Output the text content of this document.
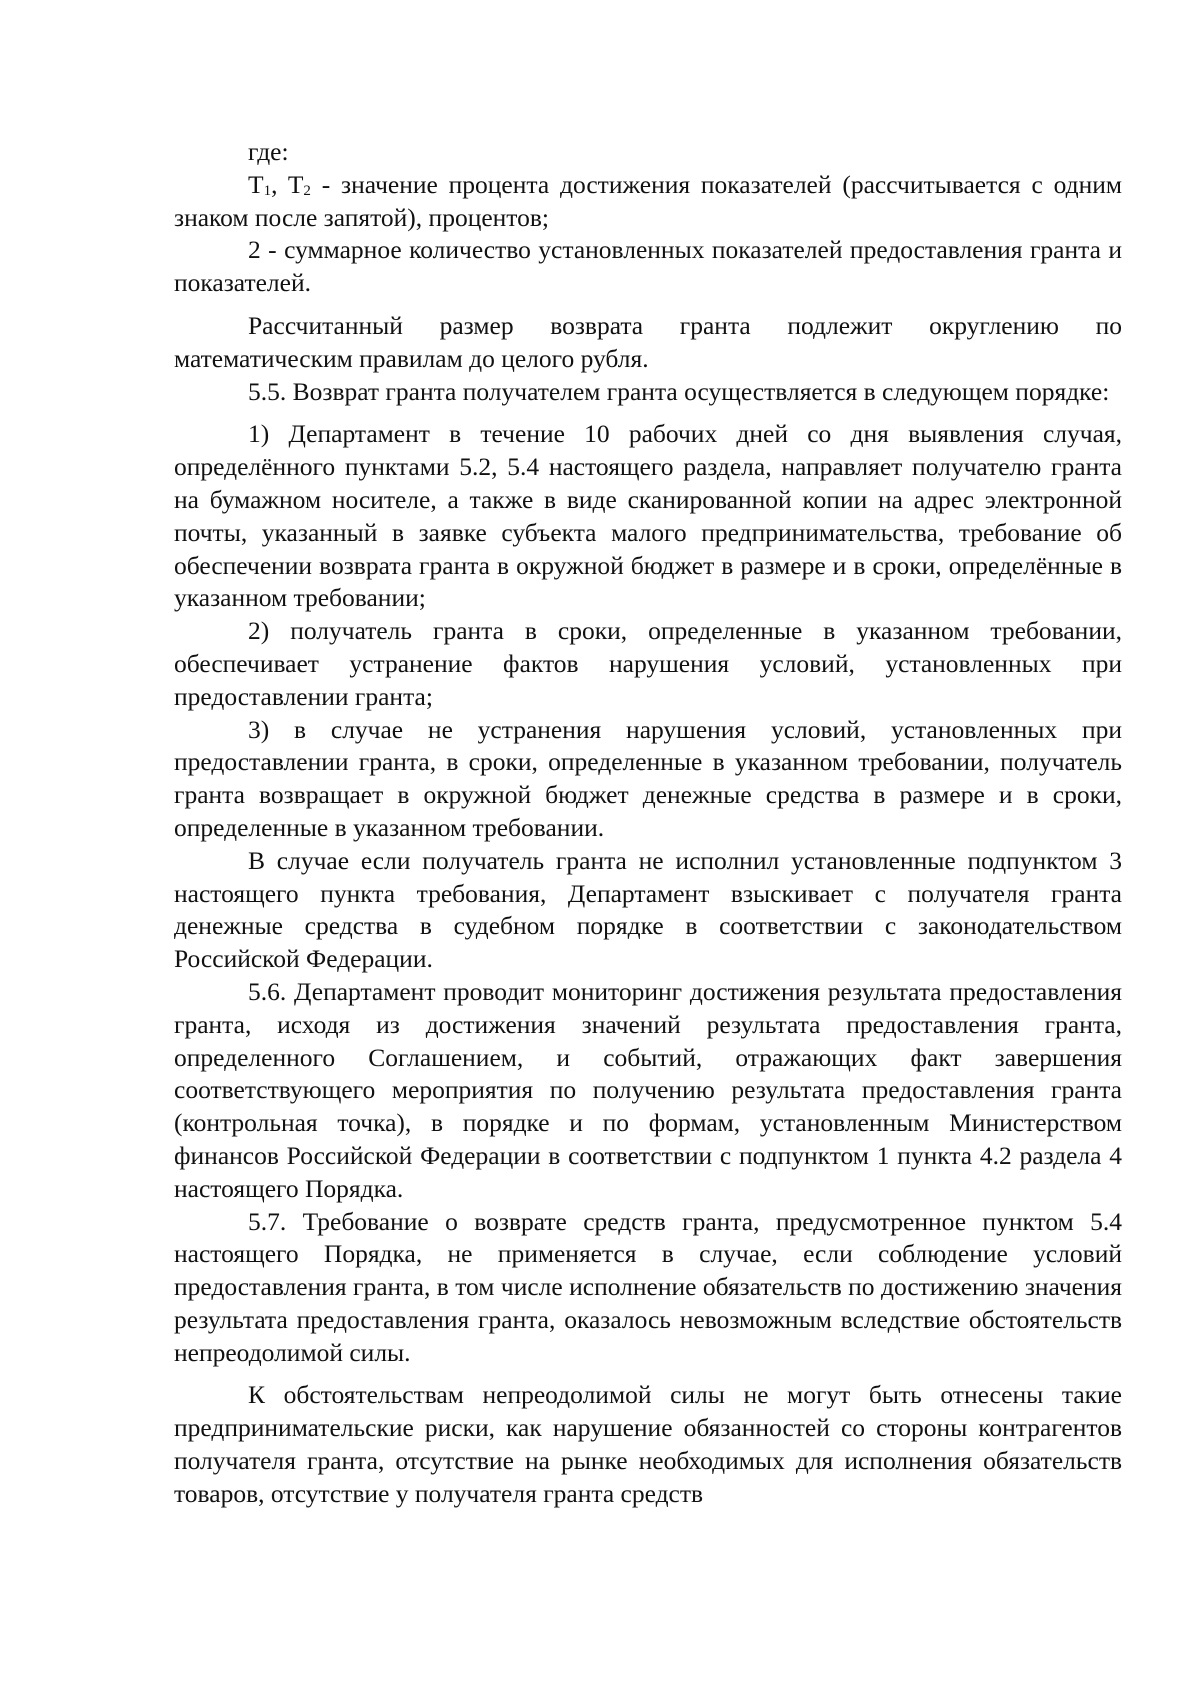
где:

$T_1$, $T_2$ - значение процента достижения показателей (рассчитывается с одним знаком после запятой), процентов;

2 - суммарное количество установленных показателей предоставления гранта и показателей.

Рассчитанный размер возврата гранта подлежит округлению по математическим правилам до целого рубля.

5.5. Возврат гранта получателем гранта осуществляется в следующем порядке:

1) Департамент в течение 10 рабочих дней со дня выявления случая, определённого пунктами 5.2, 5.4 настоящего раздела, направляет получателю гранта на бумажном носителе, а также в виде сканированной копии на адрес электронной почты, указанный в заявке субъекта малого предпринимательства, требование об обеспечении возврата гранта в окружной бюджет в размере и в сроки, определённые в указанном требовании;

2) получатель гранта в сроки, определенные в указанном требовании, обеспечивает устранение фактов нарушения условий, установленных при предоставлении гранта;

3) в случае не устранения нарушения условий, установленных при предоставлении гранта, в сроки, определенные в указанном требовании, получатель гранта возвращает в окружной бюджет денежные средства в размере и в сроки, определенные в указанном требовании.

В случае если получатель гранта не исполнил установленные подпунктом 3 настоящего пункта требования, Департамент взыскивает с получателя гранта денежные средства в судебном порядке в соответствии с законодательством Российской Федерации.

5.6. Департамент проводит мониторинг достижения результата предоставления гранта, исходя из достижения значений результата предоставления гранта, определенного Соглашением, и событий, отражающих факт завершения соответствующего мероприятия по получению результата предоставления гранта (контрольная точка), в порядке и по формам, установленным Министерством финансов Российской Федерации в соответствии с подпунктом 1 пункта 4.2 раздела 4 настоящего Порядка.

5.7. Требование о возврате средств гранта, предусмотренное пунктом 5.4 настоящего Порядка, не применяется в случае, если соблюдение условий предоставления гранта, в том числе исполнение обязательств по достижению значения результата предоставления гранта, оказалось невозможным вследствие обстоятельств непреодолимой силы.

К обстоятельствам непреодолимой силы не могут быть отнесены такие предпринимательские риски, как нарушение обязанностей со стороны контрагентов получателя гранта, отсутствие на рынке необходимых для исполнения обязательств товаров, отсутствие у получателя гранта средств
